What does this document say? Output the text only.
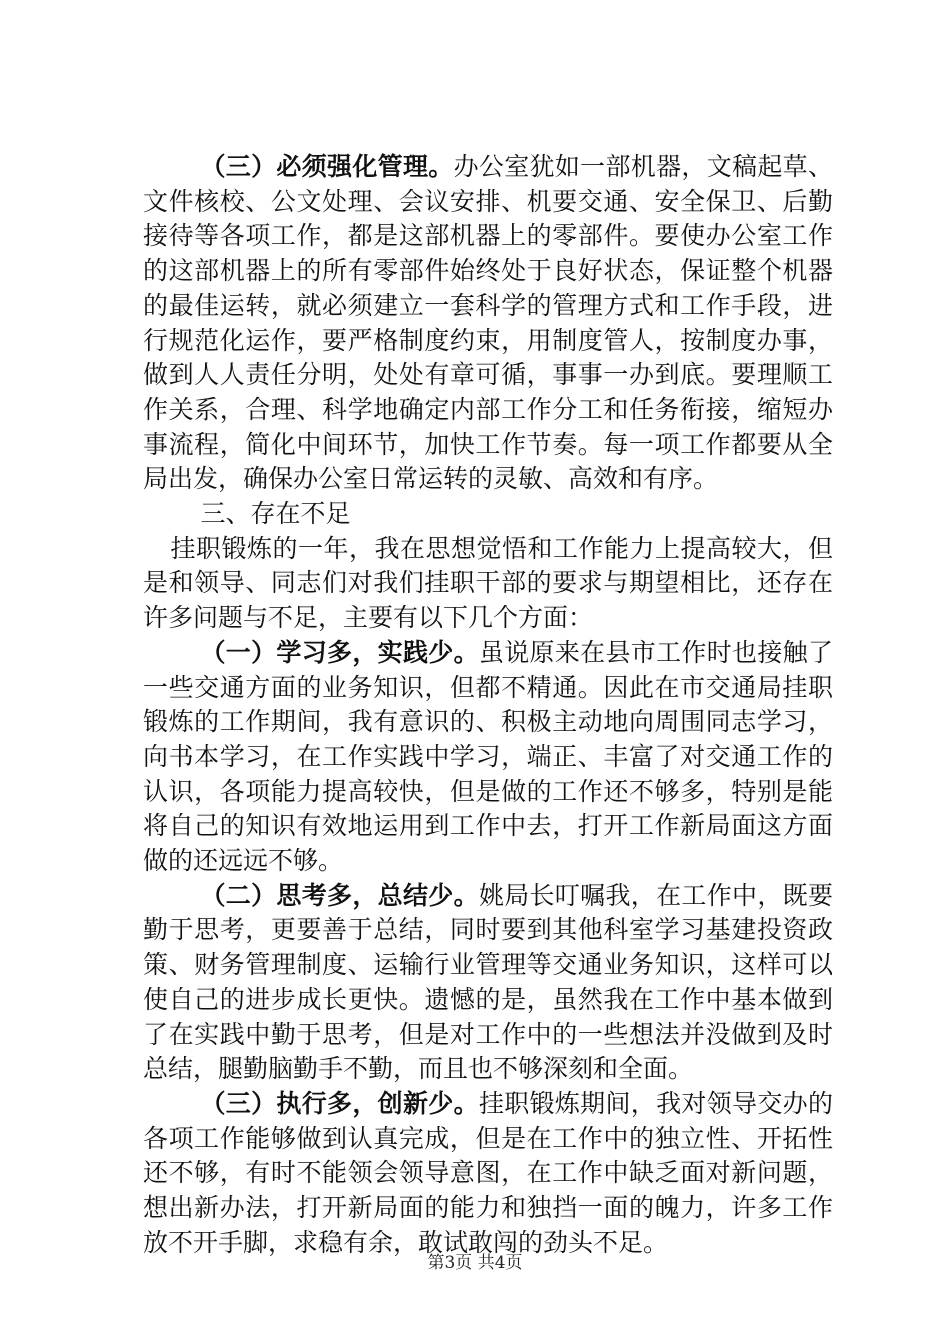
（三）必须强化管理。办公室犹如一部机器，文稿起草、文件核校、公文处理、会议安排、机要交通、安全保卫、后勤接待等各项工作，都是这部机器上的零部件。要使办公室工作的这部机器上的所有零部件始终处于良好状态，保证整个机器的最佳运转，就必须建立一套科学的管理方式和工作手段，进行规范化运作，要严格制度约束，用制度管人，按制度办事，做到人人责任分明，处处有章可循，事事一办到底。要理顺工作关系，合理、科学地确定内部工作分工和任务衔接，缩短办事流程，简化中间环节，加快工作节奏。每一项工作都要从全局出发，确保办公室日常运转的灵敏、高效和有序。

三、存在不足

挂职锻炼的一年，我在思想觉悟和工作能力上提高较大，但是和领导、同志们对我们挂职干部的要求与期望相比，还存在许多问题与不足，主要有以下几个方面：

（一）学习多，实践少。虽说原来在县市工作时也接触了一些交通方面的业务知识，但都不精通。因此在市交通局挂职锻炼的工作期间，我有意识的、积极主动地向周围同志学习，向书本学习，在工作实践中学习，端正、丰富了对交通工作的认识，各项能力提高较快，但是做的工作还不够多，特别是能将自己的知识有效地运用到工作中去，打开工作新局面这方面做的还远远不够。

（二）思考多，总结少。姚局长叮嘱我，在工作中，既要勤于思考，更要善于总结，同时要到其他科室学习基建投资政策、财务管理制度、运输行业管理等交通业务知识，这样可以使自己的进步成长更快。遗憾的是，虽然我在工作中基本做到了在实践中勤于思考，但是对工作中的一些想法并没做到及时总结，腿勤脑勤手不勤，而且也不够深刻和全面。

（三）执行多，创新少。挂职锻炼期间，我对领导交办的各项工作能够做到认真完成，但是在工作中的独立性、开拓性还不够，有时不能领会领导意图，在工作中缺乏面对新问题，想出新办法，打开新局面的能力和独挡一面的魄力，许多工作放不开手脚，求稳有余，敢试敢闯的劲头不足。

第3页 共4页
